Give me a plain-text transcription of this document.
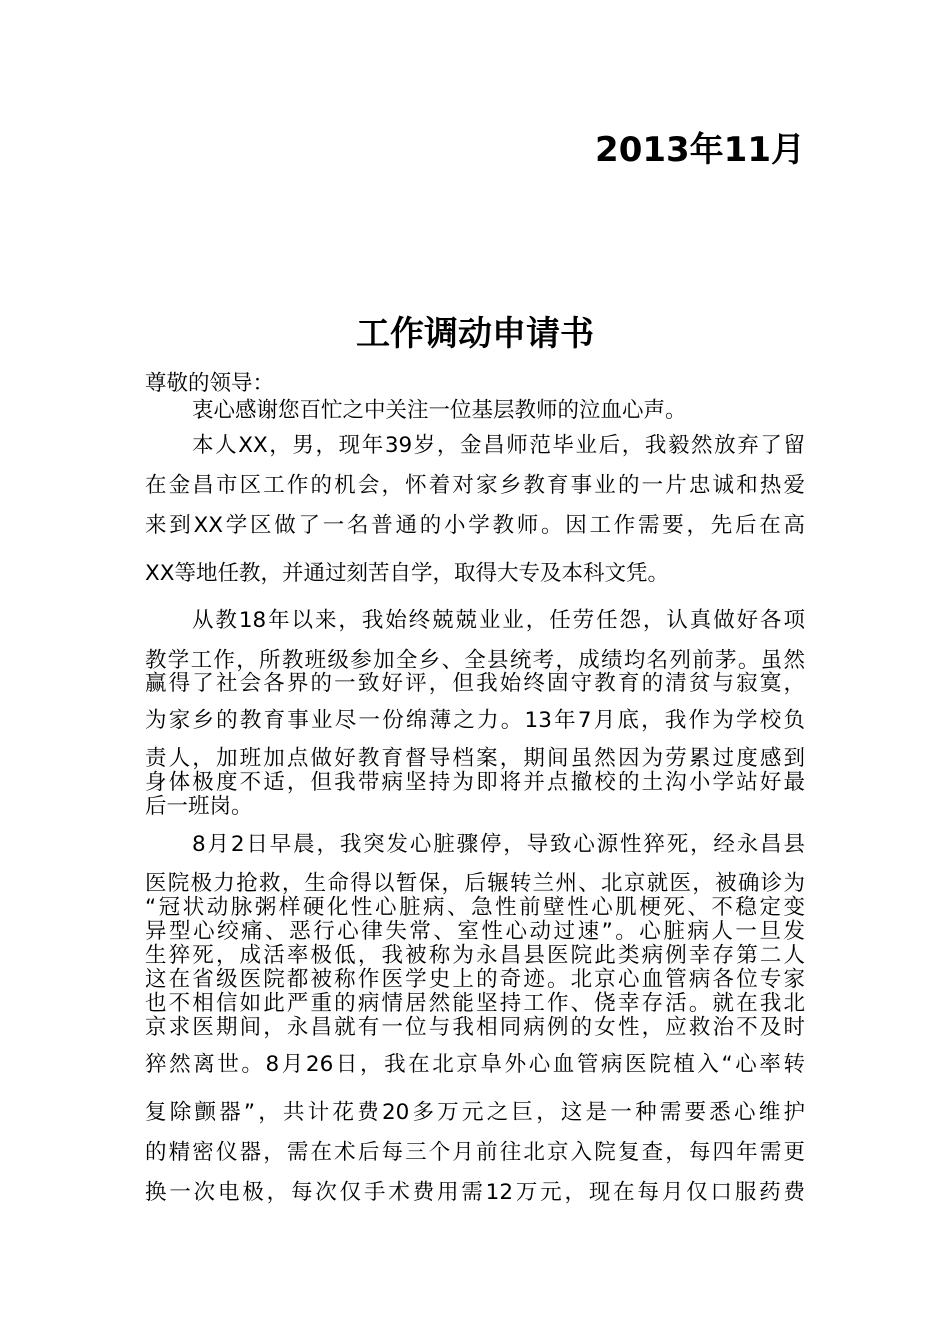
2013年11月
工作调动申请书
尊敬的领导：
衷心感谢您百忙之中关注一位基层教师的泣血心声。
本人XX，男，现年39岁，金昌师范毕业后，我毅然放弃了留
在金昌市区工作的机会，怀着对家乡教育事业的一片忠诚和热爱
来到XX学区做了一名普通的小学教师。因工作需要，先后在高
XX等地任教，并通过刻苦自学，取得大专及本科文凭。
从教18年以来，我始终兢兢业业，任劳任怨，认真做好各项
教学工作，所教班级参加全乡、全县统考，成绩均名列前茅。虽然
赢得了社会各界的一致好评，但我始终固守教育的清贫与寂寞，
为家乡的教育事业尽一份绵薄之力。13年7月底，我作为学校负
责人，加班加点做好教育督导档案，期间虽然因为劳累过度感到
身体极度不适，但我带病坚持为即将并点撤校的土沟小学站好最
后一班岗。
8月2日早晨，我突发心脏骤停，导致心源性猝死，经永昌县
医院极力抢救，生命得以暂保，后辗转兰州、北京就医，被确诊为
“冠状动脉粥样硬化性心脏病、急性前壁性心肌梗死、不稳定变
异型心绞痛、恶行心律失常、室性心动过速”。心脏病人一旦发
生猝死，成活率极低，我被称为永昌县医院此类病例幸存第二人
这在省级医院都被称作医学史上的奇迹。北京心血管病各位专家
也不相信如此严重的病情居然能坚持工作、侥幸存活。就在我北
京求医期间，永昌就有一位与我相同病例的女性，应救治不及时
猝然离世。8月26日，我在北京阜外心血管病医院植入“心率转
复除颤器”，共计花费20多万元之巨，这是一种需要悉心维护
的精密仪器，需在术后每三个月前往北京入院复查，每四年需更
换一次电极，每次仅手术费用需12万元，现在每月仅口服药费
